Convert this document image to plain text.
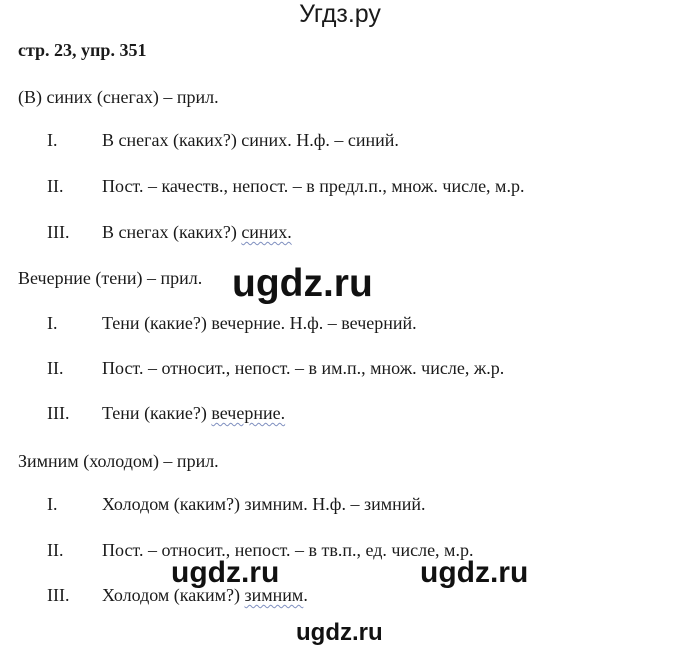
Угдз.ру
стр. 23, упр. 351
(В) синих (снегах) – прил.
I. В снегах (каких?) синих. Н.ф. – синий.
II. Пост. – качеств., непост. – в предл.п., множ. числе, м.р.
III. В снегах (каких?) синих.
Вечерние (тени) – прил.
I. Тени (какие?) вечерние. Н.ф. – вечерний.
II. Пост. – относит., непост. – в им.п., множ. числе, ж.р.
III. Тени (какие?) вечерние.
Зимним (холодом) – прил.
I. Холодом (каким?) зимним. Н.ф. – зимний.
II. Пост. – относит., непост. – в тв.п., ед. числе, м.р.
III. Холодом (каким?) зимним.
ugdz.ru
ugdz.ru	ugdz.ru
ugdz.ru
